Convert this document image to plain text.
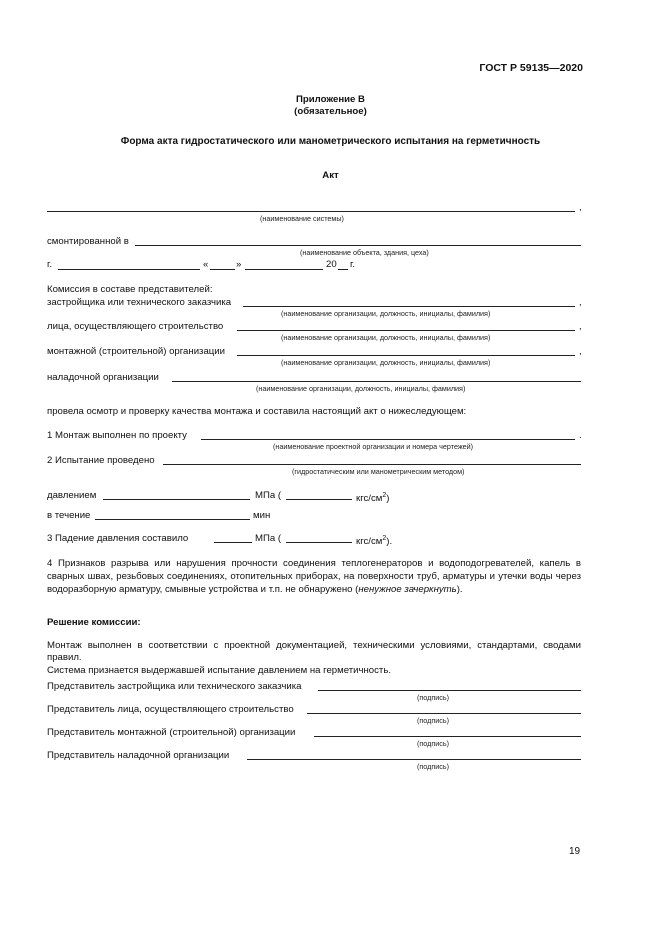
ГОСТ Р 59135—2020
Приложение В
(обязательное)
Форма акта гидростатического или манометрического испытания на герметичность
Акт
,
(наименование системы)
смонтированной в
(наименование объекта, здания, цеха)
г.	«	»	20 г.
Комиссия в составе представителей:
застройщика или технического заказчика	,
(наименование организации, должность, инициалы, фамилия)
лица, осуществляющего строительство	,
(наименование организации, должность, инициалы, фамилия)
монтажной (строительной) организации	,
(наименование организации, должность, инициалы, фамилия)
наладочной организации
(наименование организации, должность, инициалы, фамилия)
провела осмотр и проверку качества монтажа и составила настоящий акт о нижеследующем:
1 Монтаж выполнен по проекту	.
(наименование проектной организации и номера чертежей)
2 Испытание проведено
(гидростатическим или манометрическим методом)
давлением	МПа (	кгс/$см^2$)
в течение	мин
3 Падение давления составило	МПа (	кгс/$см^2$).
4 Признаков разрыва или нарушения прочности соединения теплогенераторов и водоподогревателей, капель в сварных швах, резьбовых соединениях, отопительных приборах, на поверхности труб, арматуры и утечки воды через водоразборную арматуру, смывные устройства и т.п. не обнаружено (ненужное зачеркнуть).
Решение комиссии:
Монтаж выполнен в соответствии с проектной документацией, техническими условиями, стандартами, сводами правил.
Система признается выдержавшей испытание давлением на герметичность.
Представитель застройщика или технического заказчика
(подпись)
Представитель лица, осуществляющего строительство
(подпись)
Представитель монтажной (строительной) организации
(подпись)
Представитель наладочной организации
(подпись)
19
